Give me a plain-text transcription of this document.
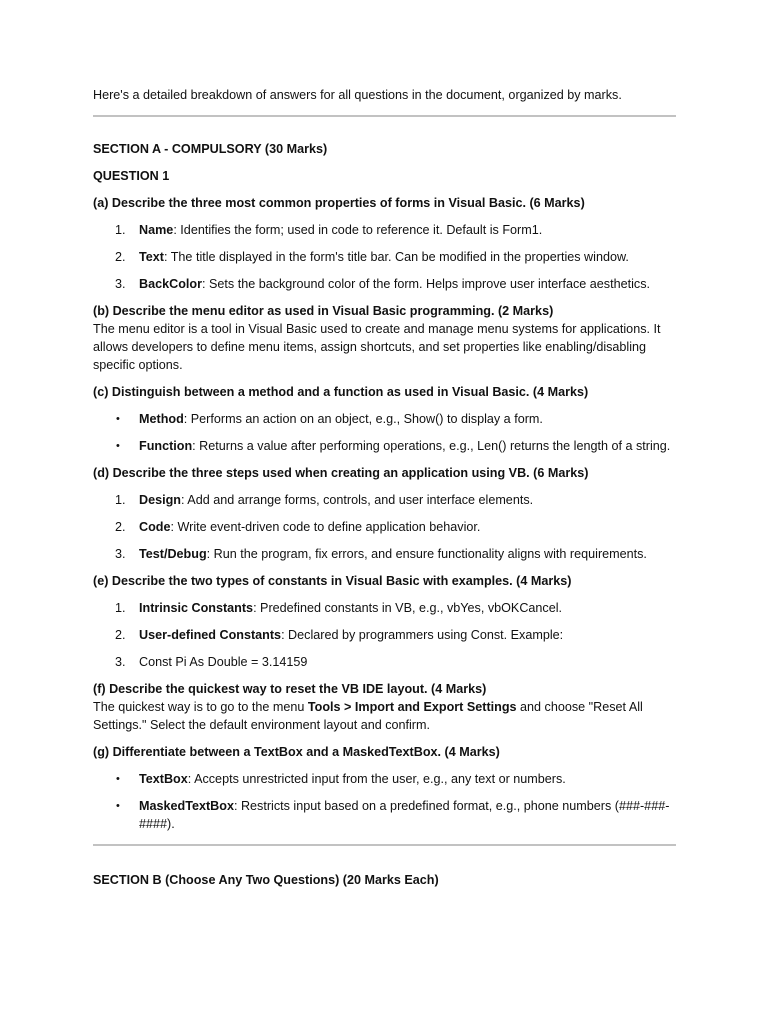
Here's a detailed breakdown of answers for all questions in the document, organized by marks.

SECTION A - COMPULSORY (30 Marks)

QUESTION 1

(a) Describe the three most common properties of forms in Visual Basic. (6 Marks)

1. Name: Identifies the form; used in code to reference it. Default is Form1.
2. Text: The title displayed in the form's title bar. Can be modified in the properties window.
3. BackColor: Sets the background color of the form. Helps improve user interface aesthetics.

(b) Describe the menu editor as used in Visual Basic programming. (2 Marks)

The menu editor is a tool in Visual Basic used to create and manage menu systems for applications. It allows developers to define menu items, assign shortcuts, and set properties like enabling/disabling specific options.

(c) Distinguish between a method and a function as used in Visual Basic. (4 Marks)

• Method: Performs an action on an object, e.g., Show() to display a form.
• Function: Returns a value after performing operations, e.g., Len() returns the length of a string.

(d) Describe the three steps used when creating an application using VB. (6 Marks)

1. Design: Add and arrange forms, controls, and user interface elements.
2. Code: Write event-driven code to define application behavior.
3. Test/Debug: Run the program, fix errors, and ensure functionality aligns with requirements.

(e) Describe the two types of constants in Visual Basic with examples. (4 Marks)

1. Intrinsic Constants: Predefined constants in VB, e.g., vbYes, vbOKCancel.
2. User-defined Constants: Declared by programmers using Const. Example:
3. Const Pi As Double = 3.14159

(f) Describe the quickest way to reset the VB IDE layout. (4 Marks)

The quickest way is to go to the menu Tools > Import and Export Settings and choose "Reset All Settings." Select the default environment layout and confirm.

(g) Differentiate between a TextBox and a MaskedTextBox. (4 Marks)

• TextBox: Accepts unrestricted input from the user, e.g., any text or numbers.
• MaskedTextBox: Restricts input based on a predefined format, e.g., phone numbers (###-###-####).

SECTION B (Choose Any Two Questions) (20 Marks Each)
